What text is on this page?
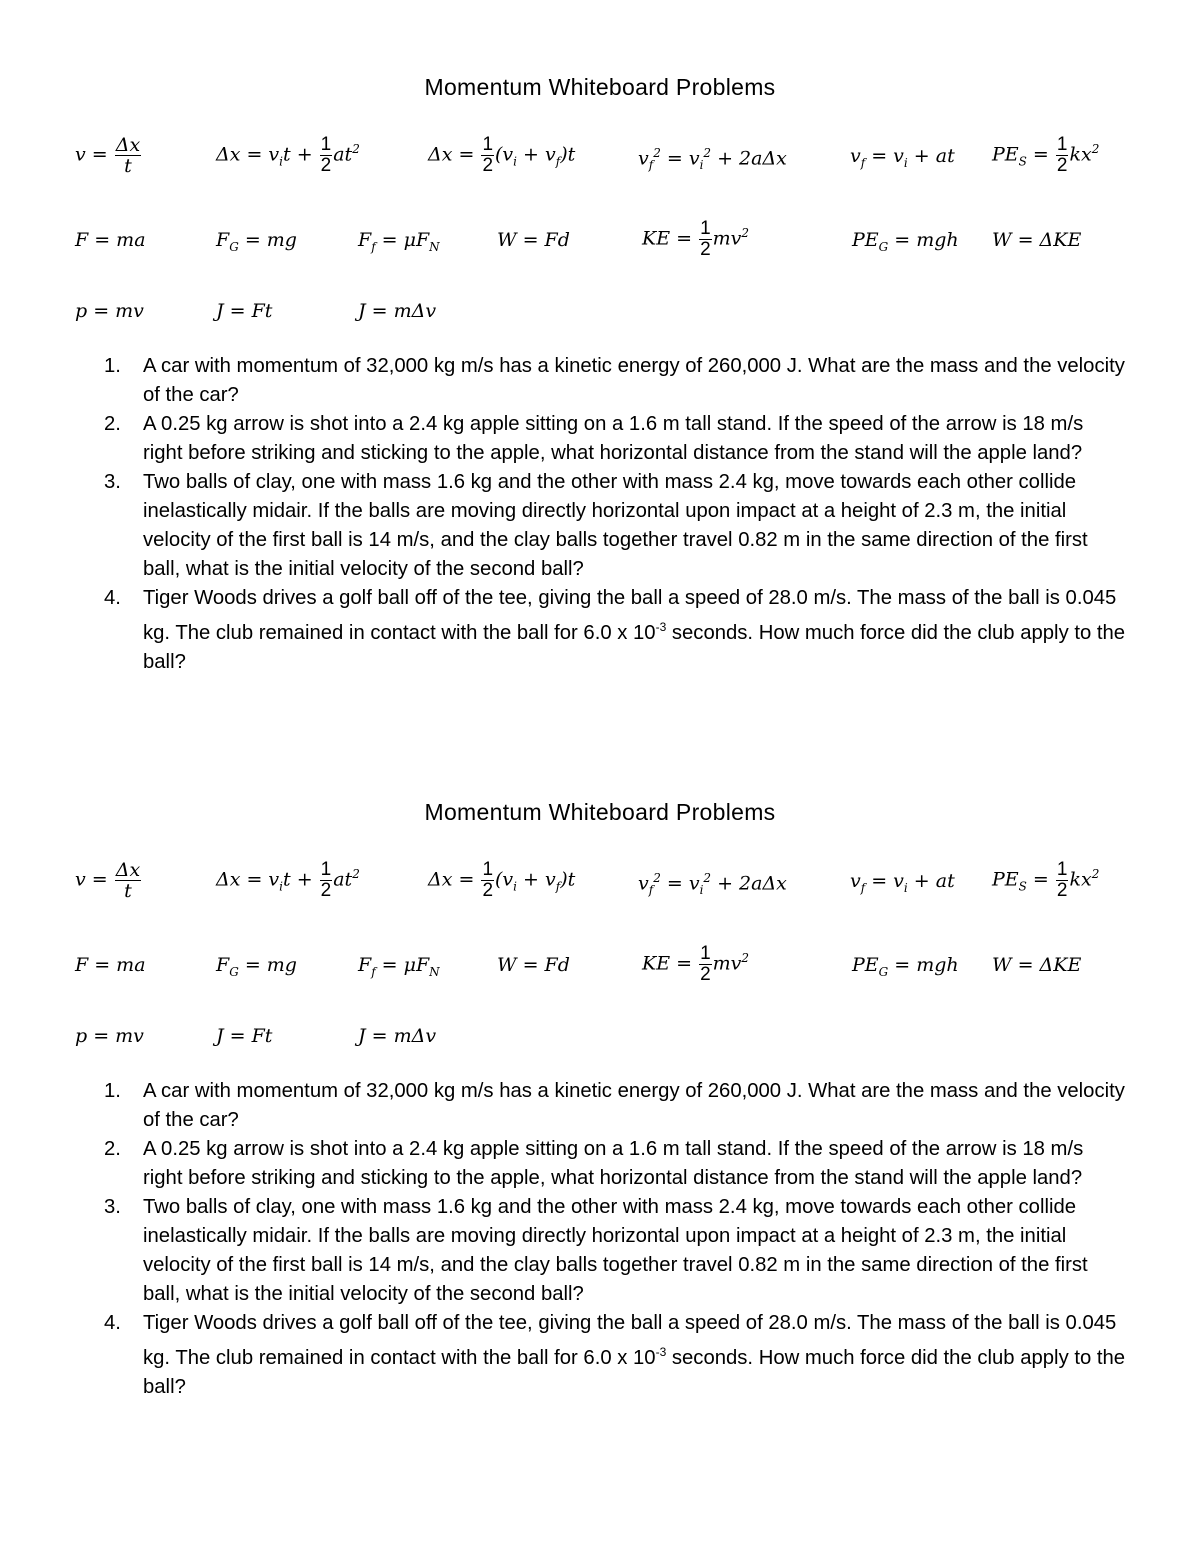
Momentum Whiteboard Problems
$v = \frac{\Delta x}{t}$	$\Delta x = v_it + \frac{1}{2} at^2$	$\Delta x = \frac{1}{2} (v_i + v_f)t$	$v_f^2 = v_i^2 + 2a\Delta x$	$v_f = v_i$ + at $PE_S = \frac{1}{2} kx^2$
F = ma	$F_G$ = mg	$F_f = \mu F_N$	W = Fd	KE = $\frac{1}{2} mv^2$	$PE_G$ = mgh W = ΔKE
p = mv	J = Ft	J = mΔv
1. A car with momentum of 32,000 kg m/s has a kinetic energy of 260,000 J. What are the mass and the velocity of the car?
2. A 0.25 kg arrow is shot into a 2.4 kg apple sitting on a 1.6 m tall stand. If the speed of the arrow is 18 m/s right before striking and sticking to the apple, what horizontal distance from the stand will the apple land?
3. Two balls of clay, one with mass 1.6 kg and the other with mass 2.4 kg, move towards each other collide inelastically midair. If the balls are moving directly horizontal upon impact at a height of 2.3 m, the initial velocity of the first ball is 14 m/s, and the clay balls together travel 0.82 m in the same direction of the first ball, what is the initial velocity of the second ball?
4. Tiger Woods drives a golf ball off of the tee, giving the ball a speed of 28.0 m/s. The mass of the ball is 0.045 kg. The club remained in contact with the ball for 6.0 x $10^{-3}$ seconds. How much force did the club apply to the ball?
Momentum Whiteboard Problems
$v = \frac{\Delta x}{t}$	$\Delta x = v_it + \frac{1}{2} at^2$	$\Delta x = \frac{1}{2} (v_i + v_f)t$	$v_f^2 = v_i^2 + 2a\Delta x$	$v_f = v_i$ + at $PE_S = \frac{1}{2} kx^2$
F = ma	$F_G$ = mg	$F_f = \mu F_N$	W = Fd	KE = $\frac{1}{2} mv^2$	$PE_G$ = mgh W = ΔKE
p = mv	J = Ft	J = mΔv
1. A car with momentum of 32,000 kg m/s has a kinetic energy of 260,000 J. What are the mass and the velocity of the car?
2. A 0.25 kg arrow is shot into a 2.4 kg apple sitting on a 1.6 m tall stand. If the speed of the arrow is 18 m/s right before striking and sticking to the apple, what horizontal distance from the stand will the apple land?
3. Two balls of clay, one with mass 1.6 kg and the other with mass 2.4 kg, move towards each other collide inelastically midair. If the balls are moving directly horizontal upon impact at a height of 2.3 m, the initial velocity of the first ball is 14 m/s, and the clay balls together travel 0.82 m in the same direction of the first ball, what is the initial velocity of the second ball?
4. Tiger Woods drives a golf ball off of the tee, giving the ball a speed of 28.0 m/s. The mass of the ball is 0.045 kg. The club remained in contact with the ball for 6.0 x $10^{-3}$ seconds. How much force did the club apply to the ball?
